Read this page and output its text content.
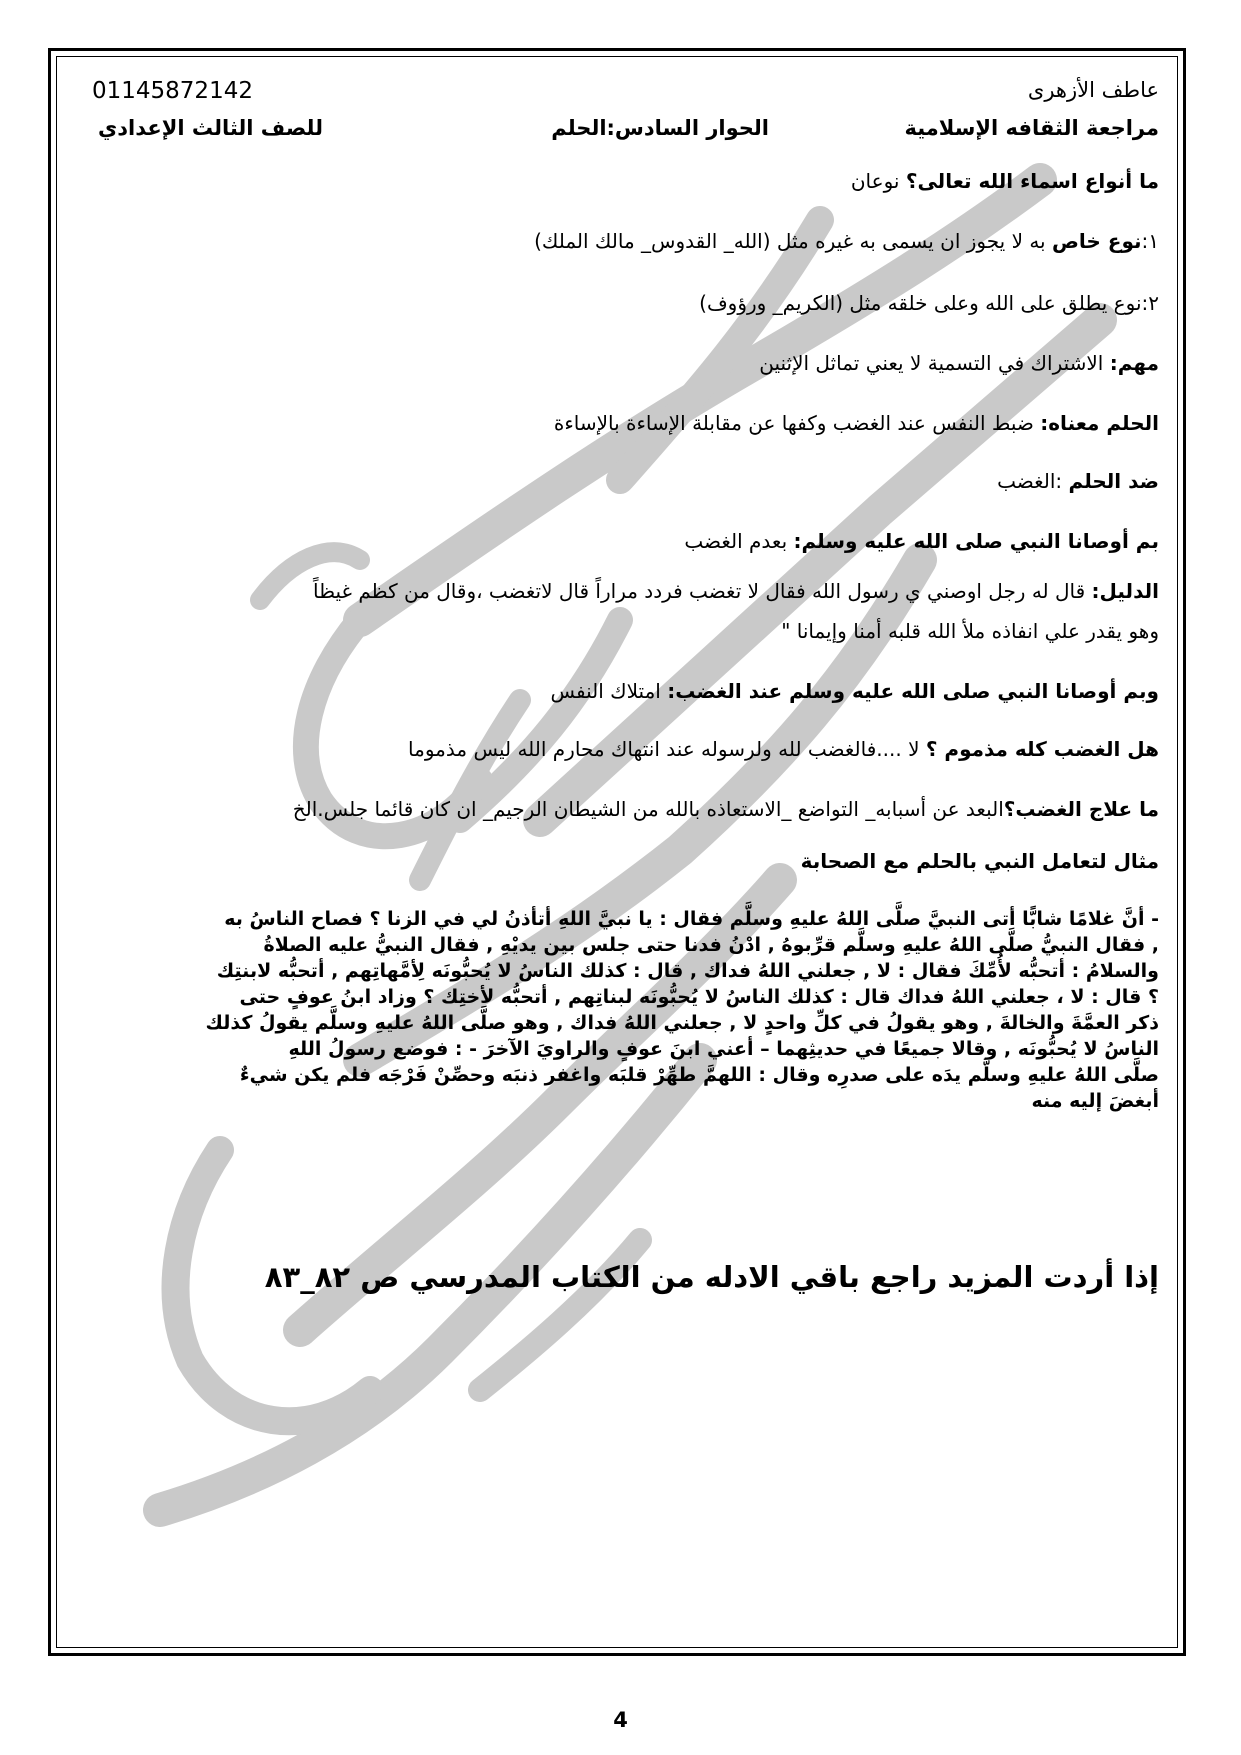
01145872142	عاطف الأزهرى
مراجعة الثقافه الإسلامية
الحوار السادس:الحلم
للصف الثالث الإعدادي
ما أنواع اسماء الله تعالى؟ نوعان
١:نوع خاص به لا يجوز ان يسمى به غيره مثل (الله_ القدوس_ مالك الملك)
٢:نوع يطلق على الله وعلى خلقه مثل (الكريم_ ورؤوف)
مهم: الاشتراك في التسمية لا يعني تماثل الإثنين
الحلم معناه: ضبط النفس عند الغضب وكفها عن مقابلة الإساءة بالإساءة
ضد الحلم :الغضب
بم أوصانا النبي صلى الله عليه وسلم: بعدم الغضب
الدليل: قال له رجل اوصني ي رسول الله فقال لا تغضب فردد مراراً قال لاتغضب ،وقال من كظم غيظاً
وهو يقدر علي انفاذه ملأ الله قلبه أمنا وإيمانا "
وبم أوصانا النبي صلى الله عليه وسلم عند الغضب: امتلاك النفس
هل الغضب كله مذموم ؟ لا ....فالغضب لله ولرسوله عند انتهاك محارم الله ليس مذموما
ما علاج الغضب؟البعد عن أسبابه_ التواضع _الاستعاذه بالله من الشيطان الرجيم_ ان كان قائما جلس.الخ
مثال لتعامل النبي بالحلم مع الصحابة
- أنَّ غلامًا شابًّا أتى النبيَّ صلَّى اللهُ عليهِ وسلَّم فقال : يا نبيَّ اللهِ أتأذنُ لي في الزنا ؟ فصاح الناسُ به
, فقال النبيُّ صلَّى اللهُ عليهِ وسلَّم قرِّبوهُ , ادْنُ فدنا حتى جلس بين يديْهِ , فقال النبيُّ عليه الصلاةُ
والسلامُ : أتحبُّه لأُمِّكَ فقال : لا , جعلني اللهُ فداك , قال : كذلك الناسُ لا يُحبُّونَه لِأمَّهاتِهم , أتحبُّه لابنتِك
؟ قال : لا ، جعلني اللهُ فداك قال : كذلك الناسُ لا يُحبُّونَه لبناتِهم , أتحبُّه لأختِك ؟ وزاد ابنُ عوفٍ حتى
ذكر العمَّةَ والخالةَ , وهو يقولُ في كلِّ واحدٍ لا , جعلني اللهُ فداك , وهو صلَّى اللهُ عليهِ وسلَّم يقولُ كذلك
الناسُ لا يُحبُّونَه , وقالا جميعًا في حديثِهما – أعني ابنَ عوفٍ والراويَ الآخرَ - : فوضع رسولُ اللهِ
صلَّى اللهُ عليهِ وسلَّم يدَه على صدرِه وقال : اللهمَّ طهِّرْ قلبَه واغفر ذنبَه وحصِّنْ فَرْجَه فلم يكن شيءٌ
أبغضَ إليه منه
إذا أردت المزيد راجع باقي الادله من الكتاب المدرسي ص ٨٢_٨٣
4
